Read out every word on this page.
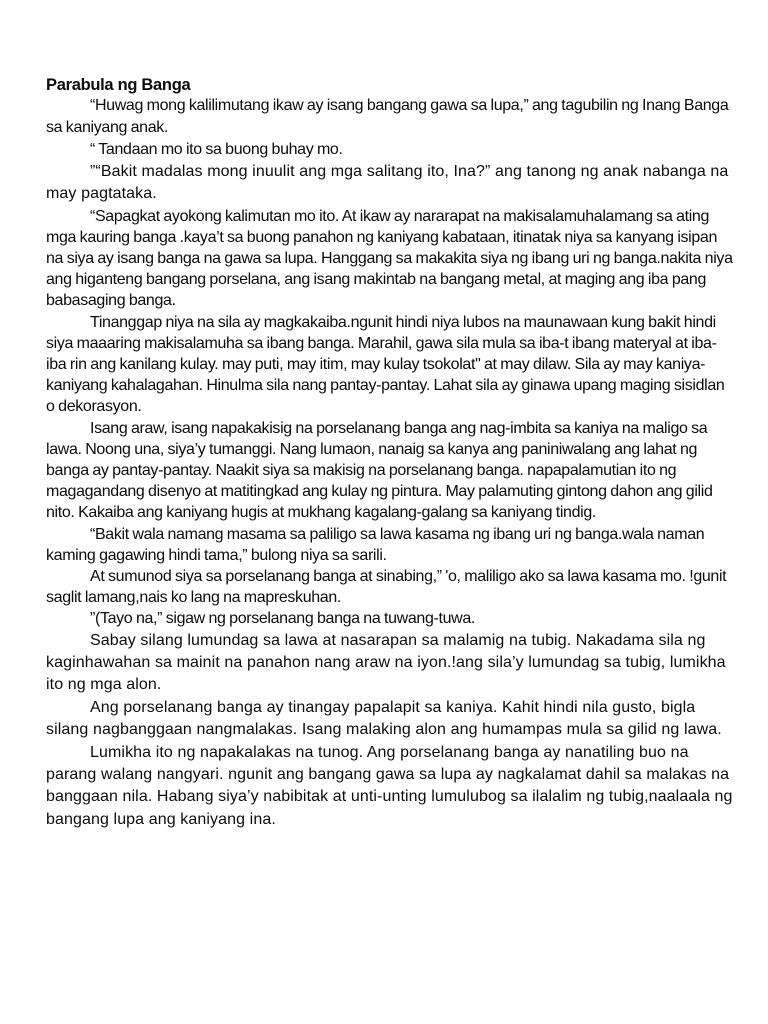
Parabula ng Banga

“Huwag mong kalilimutang ikaw ay isang bangang gawa sa lupa,” ang tagubilin ng Inang Banga sa kaniyang anak.

“ Tandaan mo ito sa buong buhay mo.

”“Bakit madalas mong inuulit ang mga salitang ito, Ina?” ang tanong ng anak nabanga na may pagtataka.

“Sapagkat ayokong kalimutan mo ito. At ikaw ay nararapat na makisalamuhalamang sa ating mga kauring banga .kaya’t sa buong panahon ng kaniyang kabataan, itinatak niya sa kanyang isipan na siya ay isang banga na gawa sa lupa. Hanggang sa makakita siya ng ibang uri ng banga.nakita niya ang higanteng bangang porselana, ang isang makintab na bangang metal, at maging ang iba pang babasaging banga.

Tinanggap niya na sila ay magkakaiba.ngunit hindi niya lubos na maunawaan kung bakit hindi siya maaaring makisalamuha sa ibang banga. Marahil, gawa sila mula sa iba-t ibang materyal at iba-iba rin ang kanilang kulay. may puti, may itim, may kulay tsokolat" at may dilaw. Sila ay may kaniya-kaniyang kahalagahan. Hinulma sila nang pantay-pantay. Lahat sila ay ginawa upang maging sisidlan o dekorasyon.

Isang araw, isang napakakisig na porselanang banga ang nag-imbita sa kaniya na maligo sa lawa. Noong una, siya’y tumanggi. Nang lumaon, nanaig sa kanya ang paniniwalang ang lahat ng banga ay pantay-pantay. Naakit siya sa makisig na porselanang banga. napapalamutian ito ng magagandang disenyo at matitingkad ang kulay ng pintura. May palamuting gintong dahon ang gilid nito. Kakaiba ang kaniyang hugis at mukhang kagalang-galang sa kaniyang tindig.

“Bakit wala namang masama sa paliligo sa lawa kasama ng ibang uri ng banga.wala naman kaming gagawing hindi tama,” bulong niya sa sarili.

At sumunod siya sa porselanang banga at sinabing,” 'o, maliligo ako sa lawa kasama mo. !gunit saglit lamang,nais ko lang na mapreskuhan.

”(Tayo na,” sigaw ng porselanang banga na tuwang-tuwa.

Sabay silang lumundag sa lawa at nasarapan sa malamig na tubig. Nakadama sila ng kaginhawahan sa mainit na panahon nang araw na iyon.!ang sila’y lumundag sa tubig, lumikha ito ng mga alon.

Ang porselanang banga ay tinangay papalapit sa kaniya. Kahit hindi nila gusto, bigla silang nagbanggaan nangmalakas. Isang malaking alon ang humampas mula sa gilid ng lawa.

Lumikha ito ng napakalakas na tunog. Ang porselanang banga ay nanatiling buo na parang walang nangyari. ngunit ang bangang gawa sa lupa ay nagkalamat dahil sa malakas na banggaan nila. Habang siya’y nabibitak at unti-unting lumulubog sa ilalalim ng tubig,naalaala ng bangang lupa ang kaniyang ina.
